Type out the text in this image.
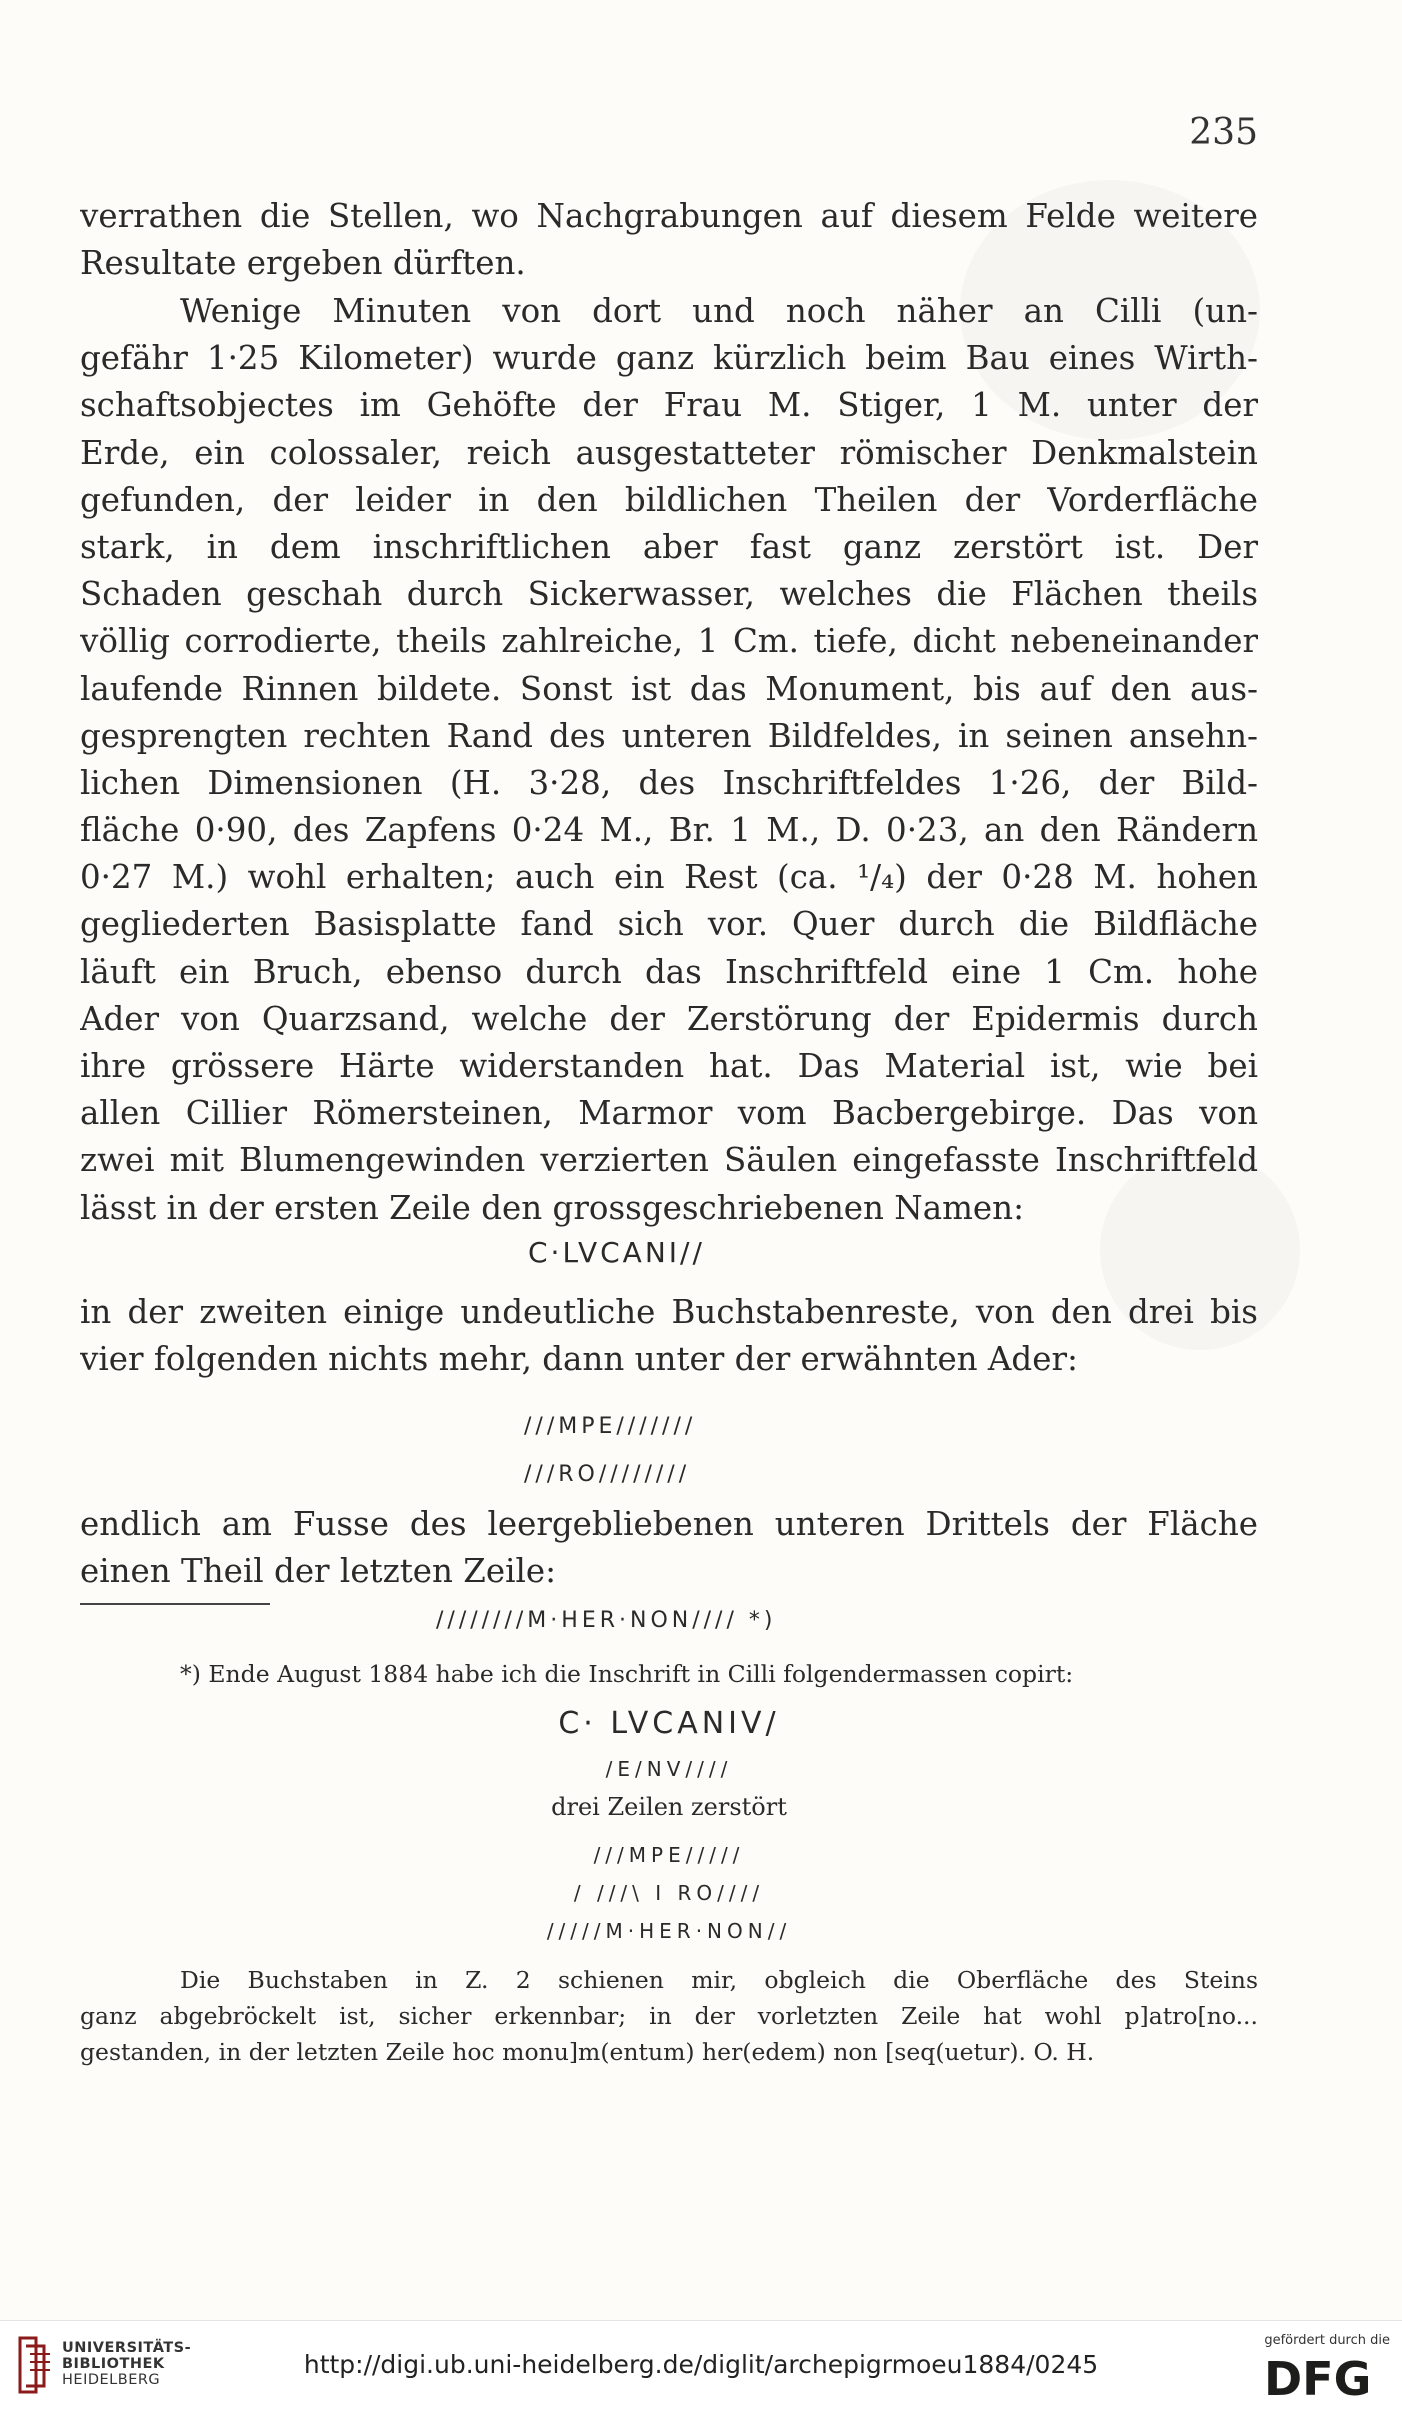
235
verrathen die Stellen, wo Nachgrabungen auf diesem Felde weitere
Resultate ergeben dürften.
Wenige Minuten von dort und noch näher an Cilli (un-
gefähr 1·25 Kilometer) wurde ganz kürzlich beim Bau eines Wirth-
schaftsobjectes im Gehöfte der Frau M. Stiger, 1 M. unter der
Erde, ein colossaler, reich ausgestatteter römischer Denkmalstein
gefunden, der leider in den bildlichen Theilen der Vorderfläche
stark, in dem inschriftlichen aber fast ganz zerstört ist. Der
Schaden geschah durch Sickerwasser, welches die Flächen theils
völlig corrodierte, theils zahlreiche, 1 Cm. tiefe, dicht nebeneinander
laufende Rinnen bildete. Sonst ist das Monument, bis auf den aus-
gesprengten rechten Rand des unteren Bildfeldes, in seinen ansehn-
lichen Dimensionen (H. 3·28, des Inschriftfeldes 1·26, der Bild-
fläche 0·90, des Zapfens 0·24 M., Br. 1 M., D. 0·23, an den Rändern
0·27 M.) wohl erhalten; auch ein Rest (ca. ¹/₄) der 0·28 M. hohen
gegliederten Basisplatte fand sich vor. Quer durch die Bildfläche
läuft ein Bruch, ebenso durch das Inschriftfeld eine 1 Cm. hohe
Ader von Quarzsand, welche der Zerstörung der Epidermis durch
ihre grössere Härte widerstanden hat. Das Material ist, wie bei
allen Cillier Römersteinen, Marmor vom Bacbergebirge. Das von
zwei mit Blumengewinden verzierten Säulen eingefasste Inschriftfeld
lässt in der ersten Zeile den grossgeschriebenen Namen:
C·LVCANI//
in der zweiten einige undeutliche Buchstabenreste, von den drei bis
vier folgenden nichts mehr, dann unter der erwähnten Ader:
///MPE///////
///RO////////
endlich am Fusse des leergebliebenen unteren Drittels der Fläche
einen Theil der letzten Zeile:
////////M·HER·NON//// *)
*) Ende August 1884 habe ich die Inschrift in Cilli folgendermassen copirt:
C· LVCANIV/
/E/NV////
drei Zeilen zerstört
///MPE/////
/ ///\ I RO////
/////M·HER·NON//
Die Buchstaben in Z. 2 schienen mir, obgleich die Oberfläche des Steins
ganz abgebröckelt ist, sicher erkennbar; in der vorletzten Zeile hat wohl p]atro[no...
gestanden, in der letzten Zeile hoc monu]m(entum) her(edem) non [seq(uetur). O. H.
UNIVERSITÄTS-
BIBLIOTHEK
HEIDELBERG
http://digi.ub.uni-heidelberg.de/diglit/archepigrmoeu1884/0245
gefördert durch die
DFG
